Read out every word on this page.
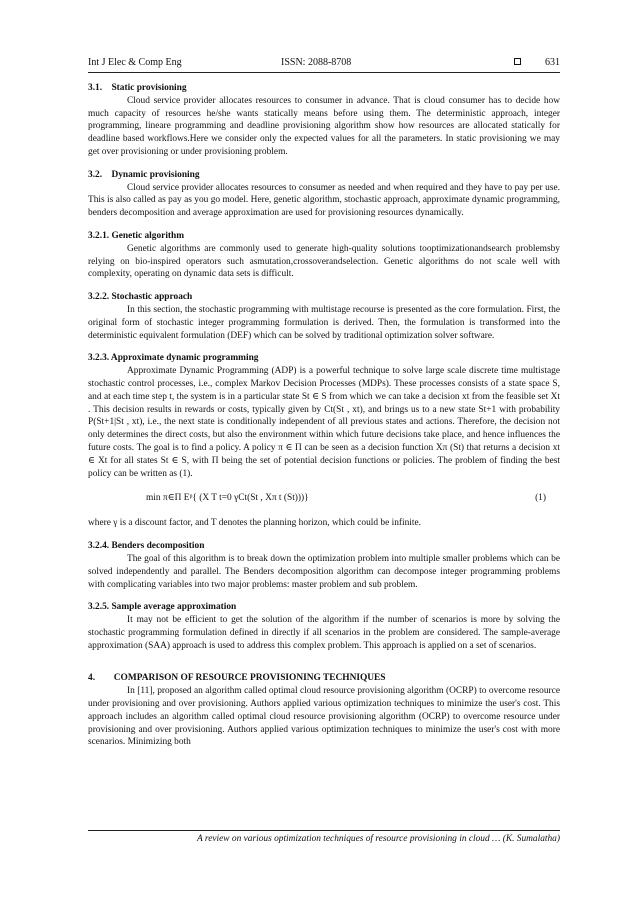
Int J Elec & Comp Eng	ISSN: 2088-8708	631

3.1. Static provisioning

Cloud service provider allocates resources to consumer in advance. That is cloud consumer has to decide how much capacity of resources he/she wants statically means before using them. The deterministic approach, integer programming, lineare programming and deadline provisioning algorithm show how resources are allocated statically for deadline based workflows.Here we consider only the expected values for all the parameters. In static provisioning we may get over provisioning or under provisioning problem.

3.2. Dynamic provisioning

Cloud service provider allocates resources to consumer as needed and when required and they have to pay per use. This is also called as pay as you go model. Here, genetic algorithm, stochastic approach, approximate dynamic programming, benders decomposition and average approximation are used for provisioning resources dynamically.

3.2.1. Genetic algorithm

Genetic algorithms are commonly used to generate high-quality solutions tooptimizationandsearch problemsby relying on bio-inspired operators such asmutation,crossoverandselection. Genetic algorithms do not scale well with complexity, operating on dynamic data sets is difficult.

3.2.2. Stochastic approach

In this section, the stochastic programming with multistage recourse is presented as the core formulation. First, the original form of stochastic integer programming formulation is derived. Then, the formulation is transformed into the deterministic equivalent formulation (DEF) which can be solved by traditional optimization solver software.

3.2.3. Approximate dynamic programming

Approximate Dynamic Programming (ADP) is a powerful technique to solve large scale discrete time multistage stochastic control processes, i.e., complex Markov Decision Processes (MDPs). These processes consists of a state space S, and at each time step t, the system is in a particular state St ∈ S from which we can take a decision xt from the feasible set Xt . This decision results in rewards or costs, typically given by Ct(St , xt), and brings us to a new state St+1 with probability P(St+1|St , xt), i.e., the next state is conditionally independent of all previous states and actions. Therefore, the decision not only determines the direct costs, but also the environment within which future decisions take place, and hence influences the future costs. The goal is to find a policy. A policy π ∈ Π can be seen as a decision function Xπ (St) that returns a decision xt ∈ Xt for all states St ∈ S, with Π being the set of potential decision functions or policies. The problem of finding the best policy can be written as (1).

min π∈Π Eᵖ{ (X T t=0 γCt(St , Xπ t (St)))}	(1)

where γ is a discount factor, and T denotes the planning horizon, which could be infinite.

3.2.4. Benders decomposition

The goal of this algorithm is to break down the optimization problem into multiple smaller problems which can be solved independently and parallel. The Benders decomposition algorithm can decompose integer programming problems with complicating variables into two major problems: master problem and sub problem.

3.2.5. Sample average approximation

It may not be efficient to get the solution of the algorithm if the number of scenarios is more by solving the stochastic programming formulation defined in directly if all scenarios in the problem are considered. The sample-average approximation (SAA) approach is used to address this complex problem. This approach is applied on a set of scenarios.

4.  COMPARISON OF RESOURCE PROVISIONING TECHNIQUES

In [11], proposed an algorithm called optimal cloud resource provisioning algorithm (OCRP) to overcome resource under provisioning and over provisioning. Authors applied various optimization techniques to minimize the user's cost. This approach includes an algorithm called optimal cloud resource provisioning algorithm (OCRP) to overcome resource under provisioning and over provisioning. Authors applied various optimization techniques to minimize the user's cost with more scenarios. Minimizing both

A review on various optimization techniques of resource provisioning in cloud … (K. Sumalatha)
